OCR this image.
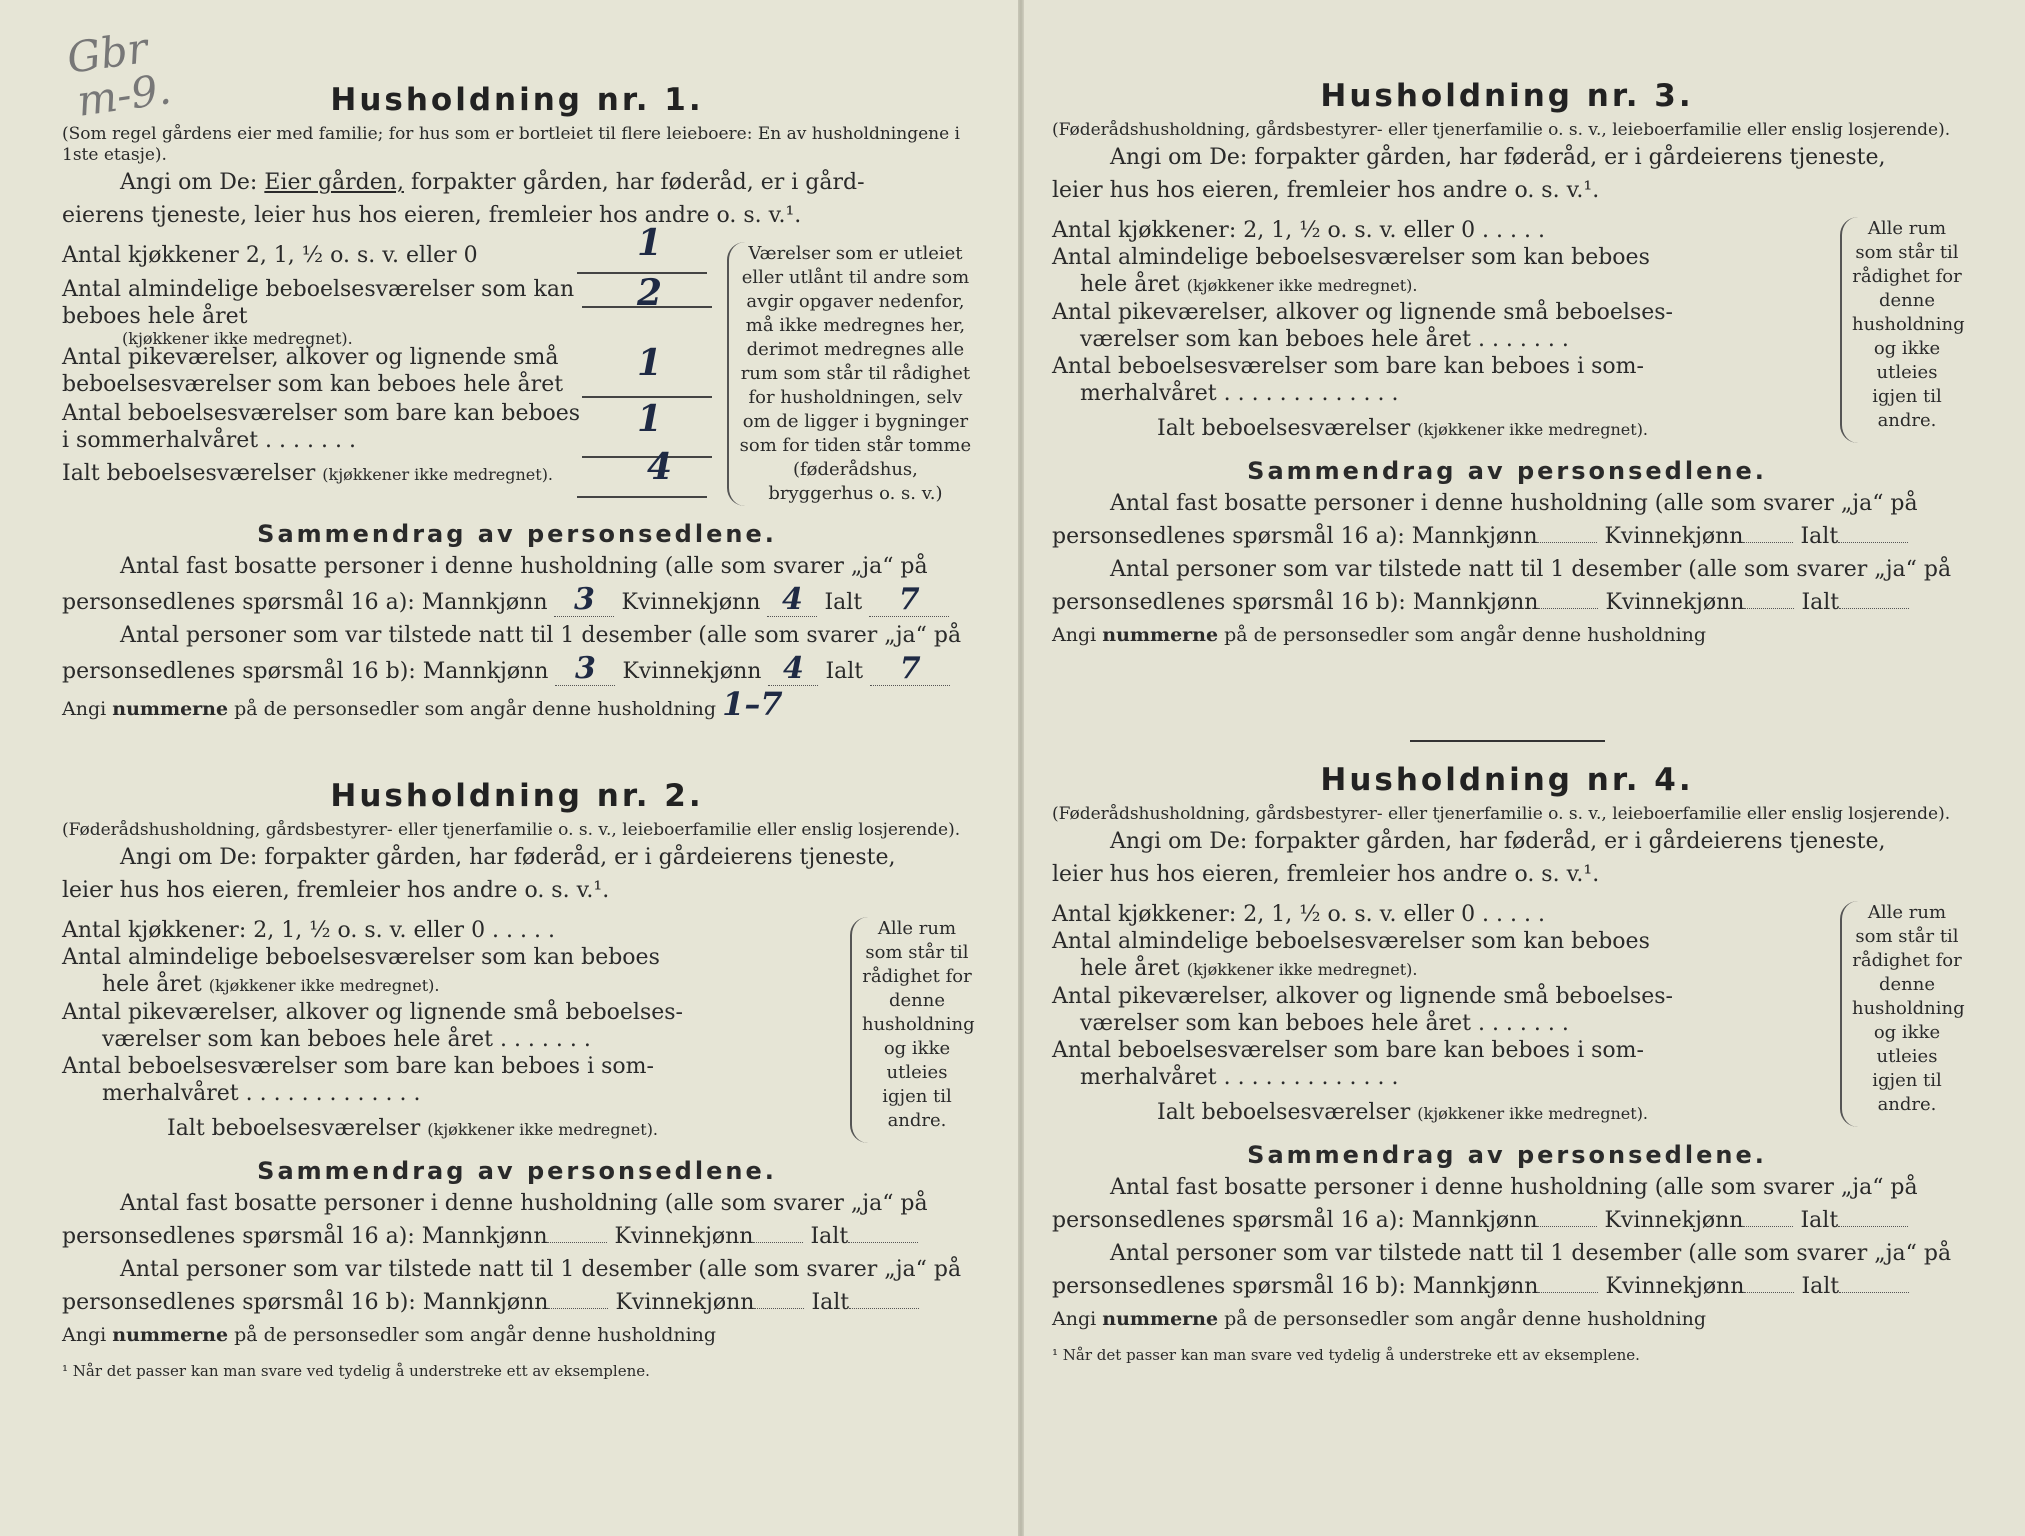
Gbr
m-9.	Husholdning nr. 1.

(Som regel gårdens eier med familie; for hus som er bortleiet til flere leieboere: En av husholdningene i 1ste etasje).

Angi om De: Eier gården, forpakter gården, har føderåd, er i gård-
eierens tjeneste, leier hus hos eieren, fremleier hos andre o. s. v.¹.
Antal kjøkkener 2, 1, ½ o. s. v. eller 0	1
Antal almindelige beboelsesværelser som kan beboes hele året
(kjøkkener ikke medregnet).
2
Antal pikeværelser, alkover og lignende små beboelsesværelser som kan beboes hele året
1
Antal beboelsesværelser som bare kan beboes i sommerhalvåret . . . . . . .
1
Ialt beboelsesværelser (kjøkkener ikke medregnet).	4
Værelser som er utleiet eller utlånt til andre som avgir opgaver nedenfor, må ikke medregnes her, derimot medregnes alle rum som står til rådighet for husholdningen, selv om de ligger i bygninger som for tiden står tomme (føderådshus, bryggerhus o. s. v.)
Sammendrag av personsedlene.
Antal fast bosatte personer i denne husholdning (alle som svarer „ja“ på
personsedlenes spørsmål 16 a): Mannkjønn 3 Kvinnekjønn 4 Ialt 7
Antal personer som var tilstede natt til 1 desember (alle som svarer „ja“ på
personsedlenes spørsmål 16 b): Mannkjønn 3 Kvinnekjønn 4 Ialt 7
Angi nummerne på de personsedler som angår denne husholdning 1–7
Husholdning nr. 2.

(Føderådshusholdning, gårdsbestyrer- eller tjenerfamilie o. s. v., leieboerfamilie eller enslig losjerende).

Angi om De: forpakter gården, har føderåd, er i gårdeierens tjeneste,
leier hus hos eieren, fremleier hos andre o. s. v.¹.
Antal kjøkkener: 2, 1, ½ o. s. v. eller 0 . . . . .
Antal almindelige beboelsesværelser som kan beboes
hele året (kjøkkener ikke medregnet).
Antal pikeværelser, alkover og lignende små beboelses-
værelser som kan beboes hele året . . . . . . .
Antal beboelsesværelser som bare kan beboes i som-
merhalvåret . . . . . . . . . . . . .
Ialt beboelsesværelser (kjøkkener ikke medregnet).
Alle rum som står til rådighet for denne husholdning og ikke utleies igjen til andre.
Sammendrag av personsedlene.
Antal fast bosatte personer i denne husholdning (alle som svarer „ja“ på
personsedlenes spørsmål 16 a): Mannkjønn	Kvinnekjønn	Ialt
Antal personer som var tilstede natt til 1 desember (alle som svarer „ja“ på
personsedlenes spørsmål 16 b): Mannkjønn	Kvinnekjønn	Ialt
Angi nummerne på de personsedler som angår denne husholdning
¹ Når det passer kan man svare ved tydelig å understreke ett av eksemplene.
Husholdning nr. 3.

(Føderådshusholdning, gårdsbestyrer- eller tjenerfamilie o. s. v., leieboerfamilie eller enslig losjerende).

Angi om De: forpakter gården, har føderåd, er i gårdeierens tjeneste,
leier hus hos eieren, fremleier hos andre o. s. v.¹.
Antal kjøkkener: 2, 1, ½ o. s. v. eller 0 . . . . .
Antal almindelige beboelsesværelser som kan beboes
hele året (kjøkkener ikke medregnet).
Antal pikeværelser, alkover og lignende små beboelses-
værelser som kan beboes hele året . . . . . . .
Antal beboelsesværelser som bare kan beboes i som-
merhalvåret . . . . . . . . . . . . .
Ialt beboelsesværelser (kjøkkener ikke medregnet).
Alle rum som står til rådighet for denne husholdning og ikke utleies igjen til andre.
Sammendrag av personsedlene.
Antal fast bosatte personer i denne husholdning (alle som svarer „ja“ på
personsedlenes spørsmål 16 a): Mannkjønn	Kvinnekjønn	Ialt
Antal personer som var tilstede natt til 1 desember (alle som svarer „ja“ på
personsedlenes spørsmål 16 b): Mannkjønn	Kvinnekjønn	Ialt
Angi nummerne på de personsedler som angår denne husholdning
Husholdning nr. 4.

(Føderådshusholdning, gårdsbestyrer- eller tjenerfamilie o. s. v., leieboerfamilie eller enslig losjerende).

Angi om De: forpakter gården, har føderåd, er i gårdeierens tjeneste,
leier hus hos eieren, fremleier hos andre o. s. v.¹.
Antal kjøkkener: 2, 1, ½ o. s. v. eller 0 . . . . .
Antal almindelige beboelsesværelser som kan beboes
hele året (kjøkkener ikke medregnet).
Antal pikeværelser, alkover og lignende små beboelses-
værelser som kan beboes hele året . . . . . . .
Antal beboelsesværelser som bare kan beboes i som-
merhalvåret . . . . . . . . . . . . .
Ialt beboelsesværelser (kjøkkener ikke medregnet).
Alle rum som står til rådighet for denne husholdning og ikke utleies igjen til andre.
Sammendrag av personsedlene.
Antal fast bosatte personer i denne husholdning (alle som svarer „ja“ på
personsedlenes spørsmål 16 a): Mannkjønn	Kvinnekjønn	Ialt
Antal personer som var tilstede natt til 1 desember (alle som svarer „ja“ på
personsedlenes spørsmål 16 b): Mannkjønn	Kvinnekjønn	Ialt
Angi nummerne på de personsedler som angår denne husholdning
¹ Når det passer kan man svare ved tydelig å understreke ett av eksemplene.
